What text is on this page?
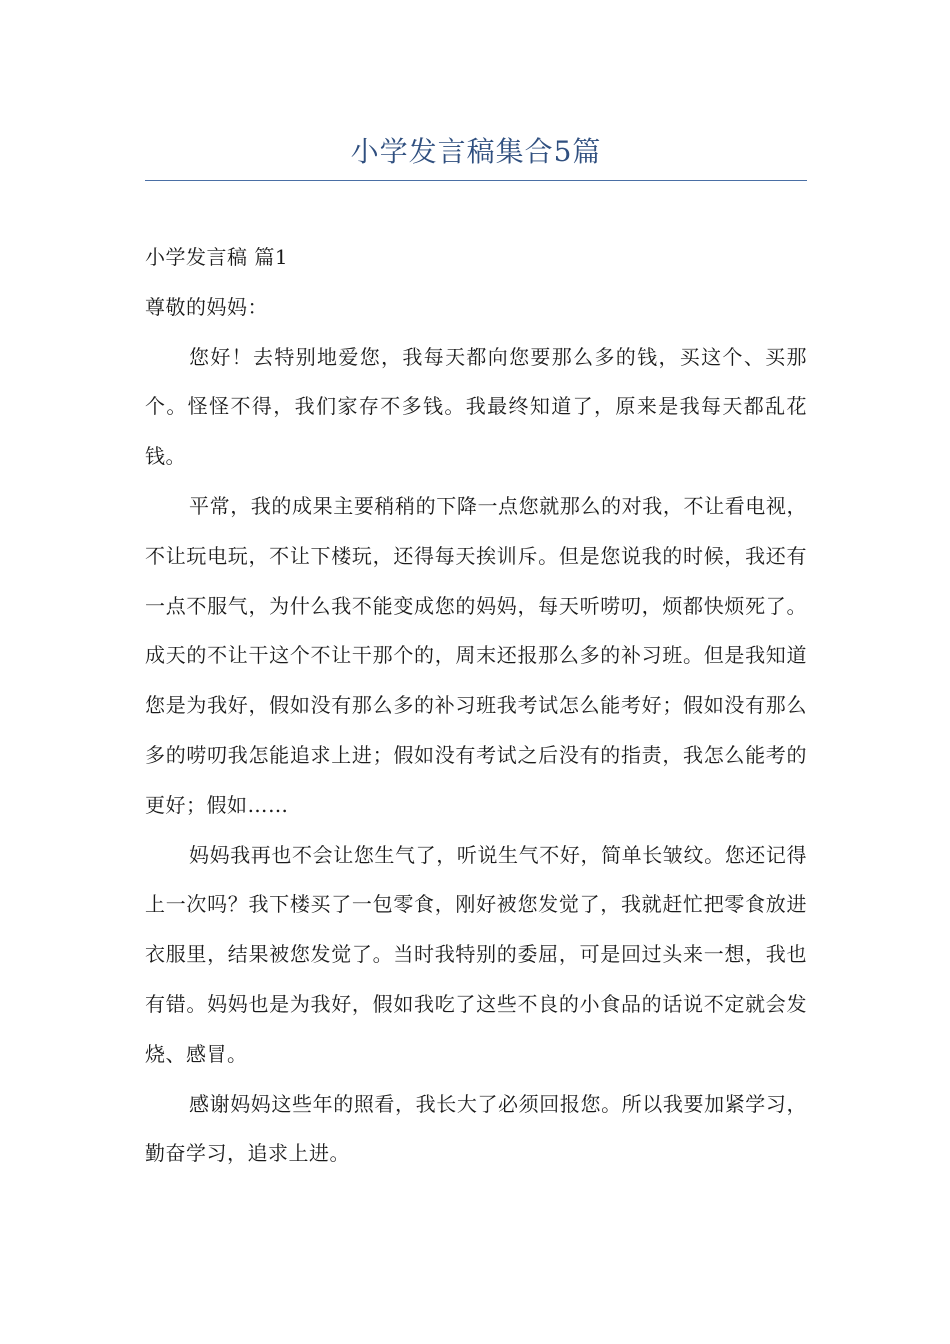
小学发言稿集合5篇

小学发言稿 篇1

尊敬的妈妈：

您好！去特别地爱您，我每天都向您要那么多的钱，买这个、买那个。怪怪不得，我们家存不多钱。我最终知道了，原来是我每天都乱花钱。

平常，我的成果主要稍稍的下降一点您就那么的对我，不让看电视，不让玩电玩，不让下楼玩，还得每天挨训斥。但是您说我的时候，我还有一点不服气，为什么我不能变成您的妈妈，每天听唠叨，烦都快烦死了。成天的不让干这个不让干那个的，周末还报那么多的补习班。但是我知道您是为我好，假如没有那么多的补习班我考试怎么能考好；假如没有那么多的唠叨我怎能追求上进；假如没有考试之后没有的指责，我怎么能考的更好；假如……

妈妈我再也不会让您生气了，听说生气不好，简单长皱纹。您还记得上一次吗？我下楼买了一包零食，刚好被您发觉了，我就赶忙把零食放进衣服里，结果被您发觉了。当时我特别的委屈，可是回过头来一想，我也有错。妈妈也是为我好，假如我吃了这些不良的小食品的话说不定就会发烧、感冒。

感谢妈妈这些年的照看，我长大了必须回报您。所以我要加紧学习，勤奋学习，追求上进。
